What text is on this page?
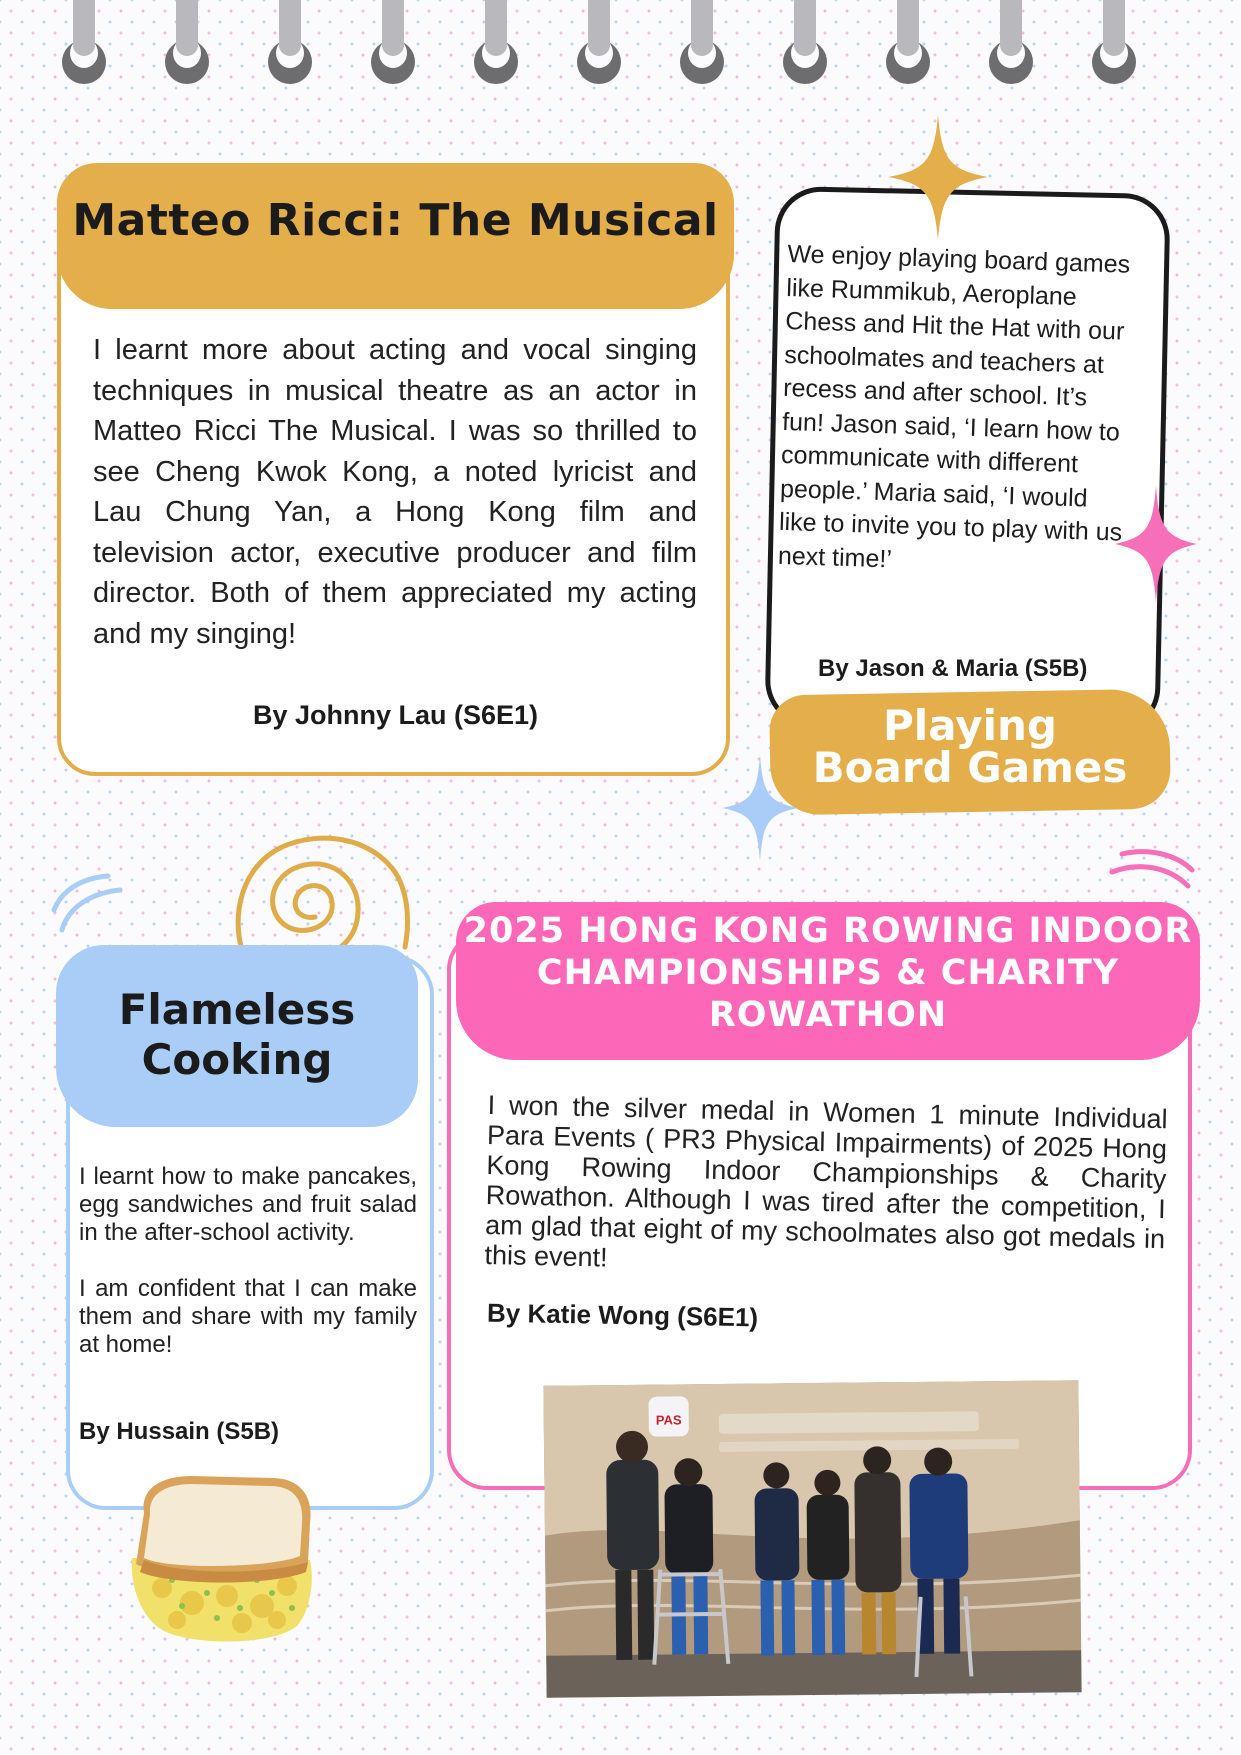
Matteo Ricci: The Musical
I learnt more about acting and vocal singing techniques in musical theatre as an actor in Matteo Ricci The Musical. I was so thrilled to see Cheng Kwok Kong, a noted lyricist and Lau Chung Yan, a Hong Kong film and television actor, executive producer and film director. Both of them appreciated my acting and my singing!
By Johnny Lau (S6E1)
We enjoy playing board games like Rummikub, Aeroplane Chess and Hit the Hat with our schoolmates and teachers at recess and after school. It’s fun! Jason said, ‘I learn how to communicate with different people.’ Maria said, ‘I would like to invite you to play with us next time!’
By Jason & Maria (S5B)
Playing
Board Games
Flameless
Cooking
I learnt how to make pancakes, egg sandwiches and fruit salad in the after-school activity.
I am confident that I can make them and share with my family at home!
By Hussain (S5B)
2025 HONG KONG ROWING INDOOR
CHAMPIONSHIPS & CHARITY
ROWATHON
I won the silver medal in Women 1 minute Individual Para Events ( PR3 Physical Impairments) of 2025 Hong Kong Rowing Indoor Championships & Charity Rowathon. Although I was tired after the competition, I am glad that eight of my schoolmates also got medals in this event!
By Katie Wong (S6E1)
PAS
